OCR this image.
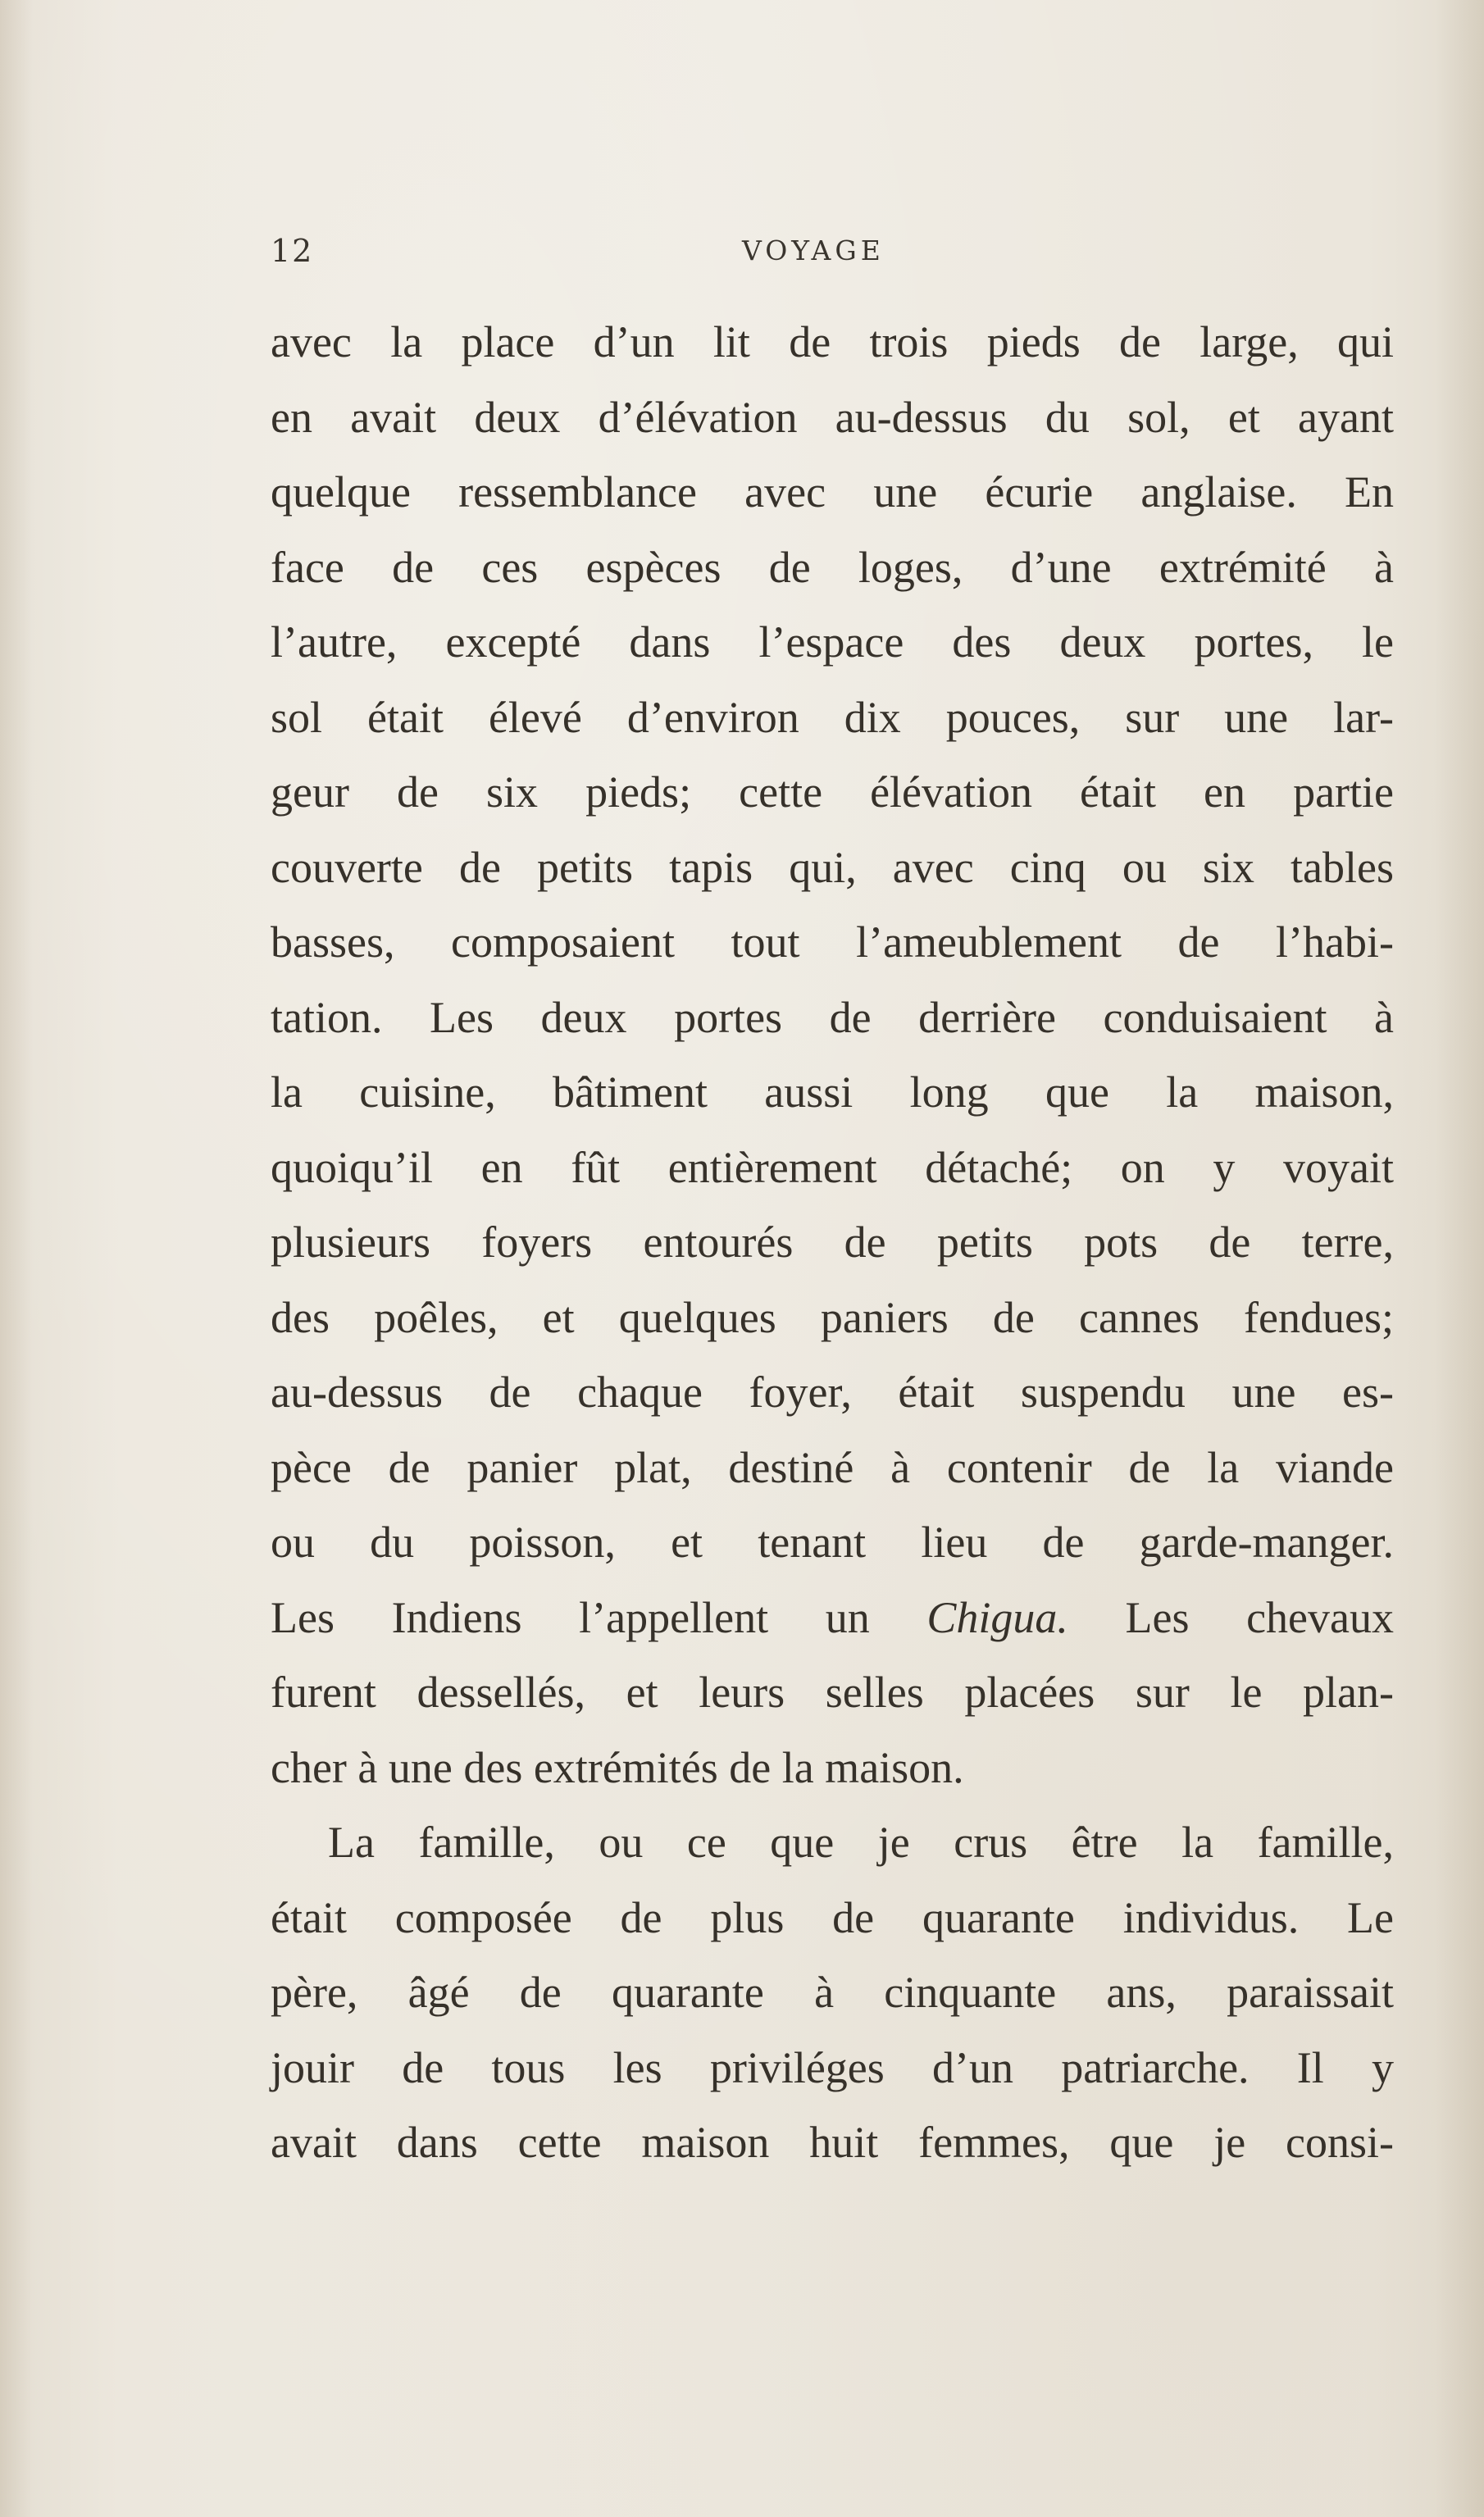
12	VOYAGE
avec la place d’un lit de trois pieds de large, qui
en avait deux d’élévation au-dessus du sol, et ayant
quelque ressemblance avec une écurie anglaise. En
face de ces espèces de loges, d’une extrémité à
l’autre, excepté dans l’espace des deux portes, le
sol était élevé d’environ dix pouces, sur une lar-
geur de six pieds; cette élévation était en partie
couverte de petits tapis qui, avec cinq ou six tables
basses, composaient tout l’ameublement de l’habi-
tation. Les deux portes de derrière conduisaient à
la cuisine, bâtiment aussi long que la maison,
quoiqu’il en fût entièrement détaché; on y voyait
plusieurs foyers entourés de petits pots de terre,
des poêles, et quelques paniers de cannes fendues;
au-dessus de chaque foyer, était suspendu une es-
pèce de panier plat, destiné à contenir de la viande
ou du poisson, et tenant lieu de garde-manger.
Les Indiens l’appellent un Chigua. Les chevaux
furent dessellés, et leurs selles placées sur le plan-
cher à une des extrémités de la maison.
La famille, ou ce que je crus être la famille,
était composée de plus de quarante individus. Le
père, âgé de quarante à cinquante ans, paraissait
jouir de tous les priviléges d’un patriarche. Il y
avait dans cette maison huit femmes, que je consi-
